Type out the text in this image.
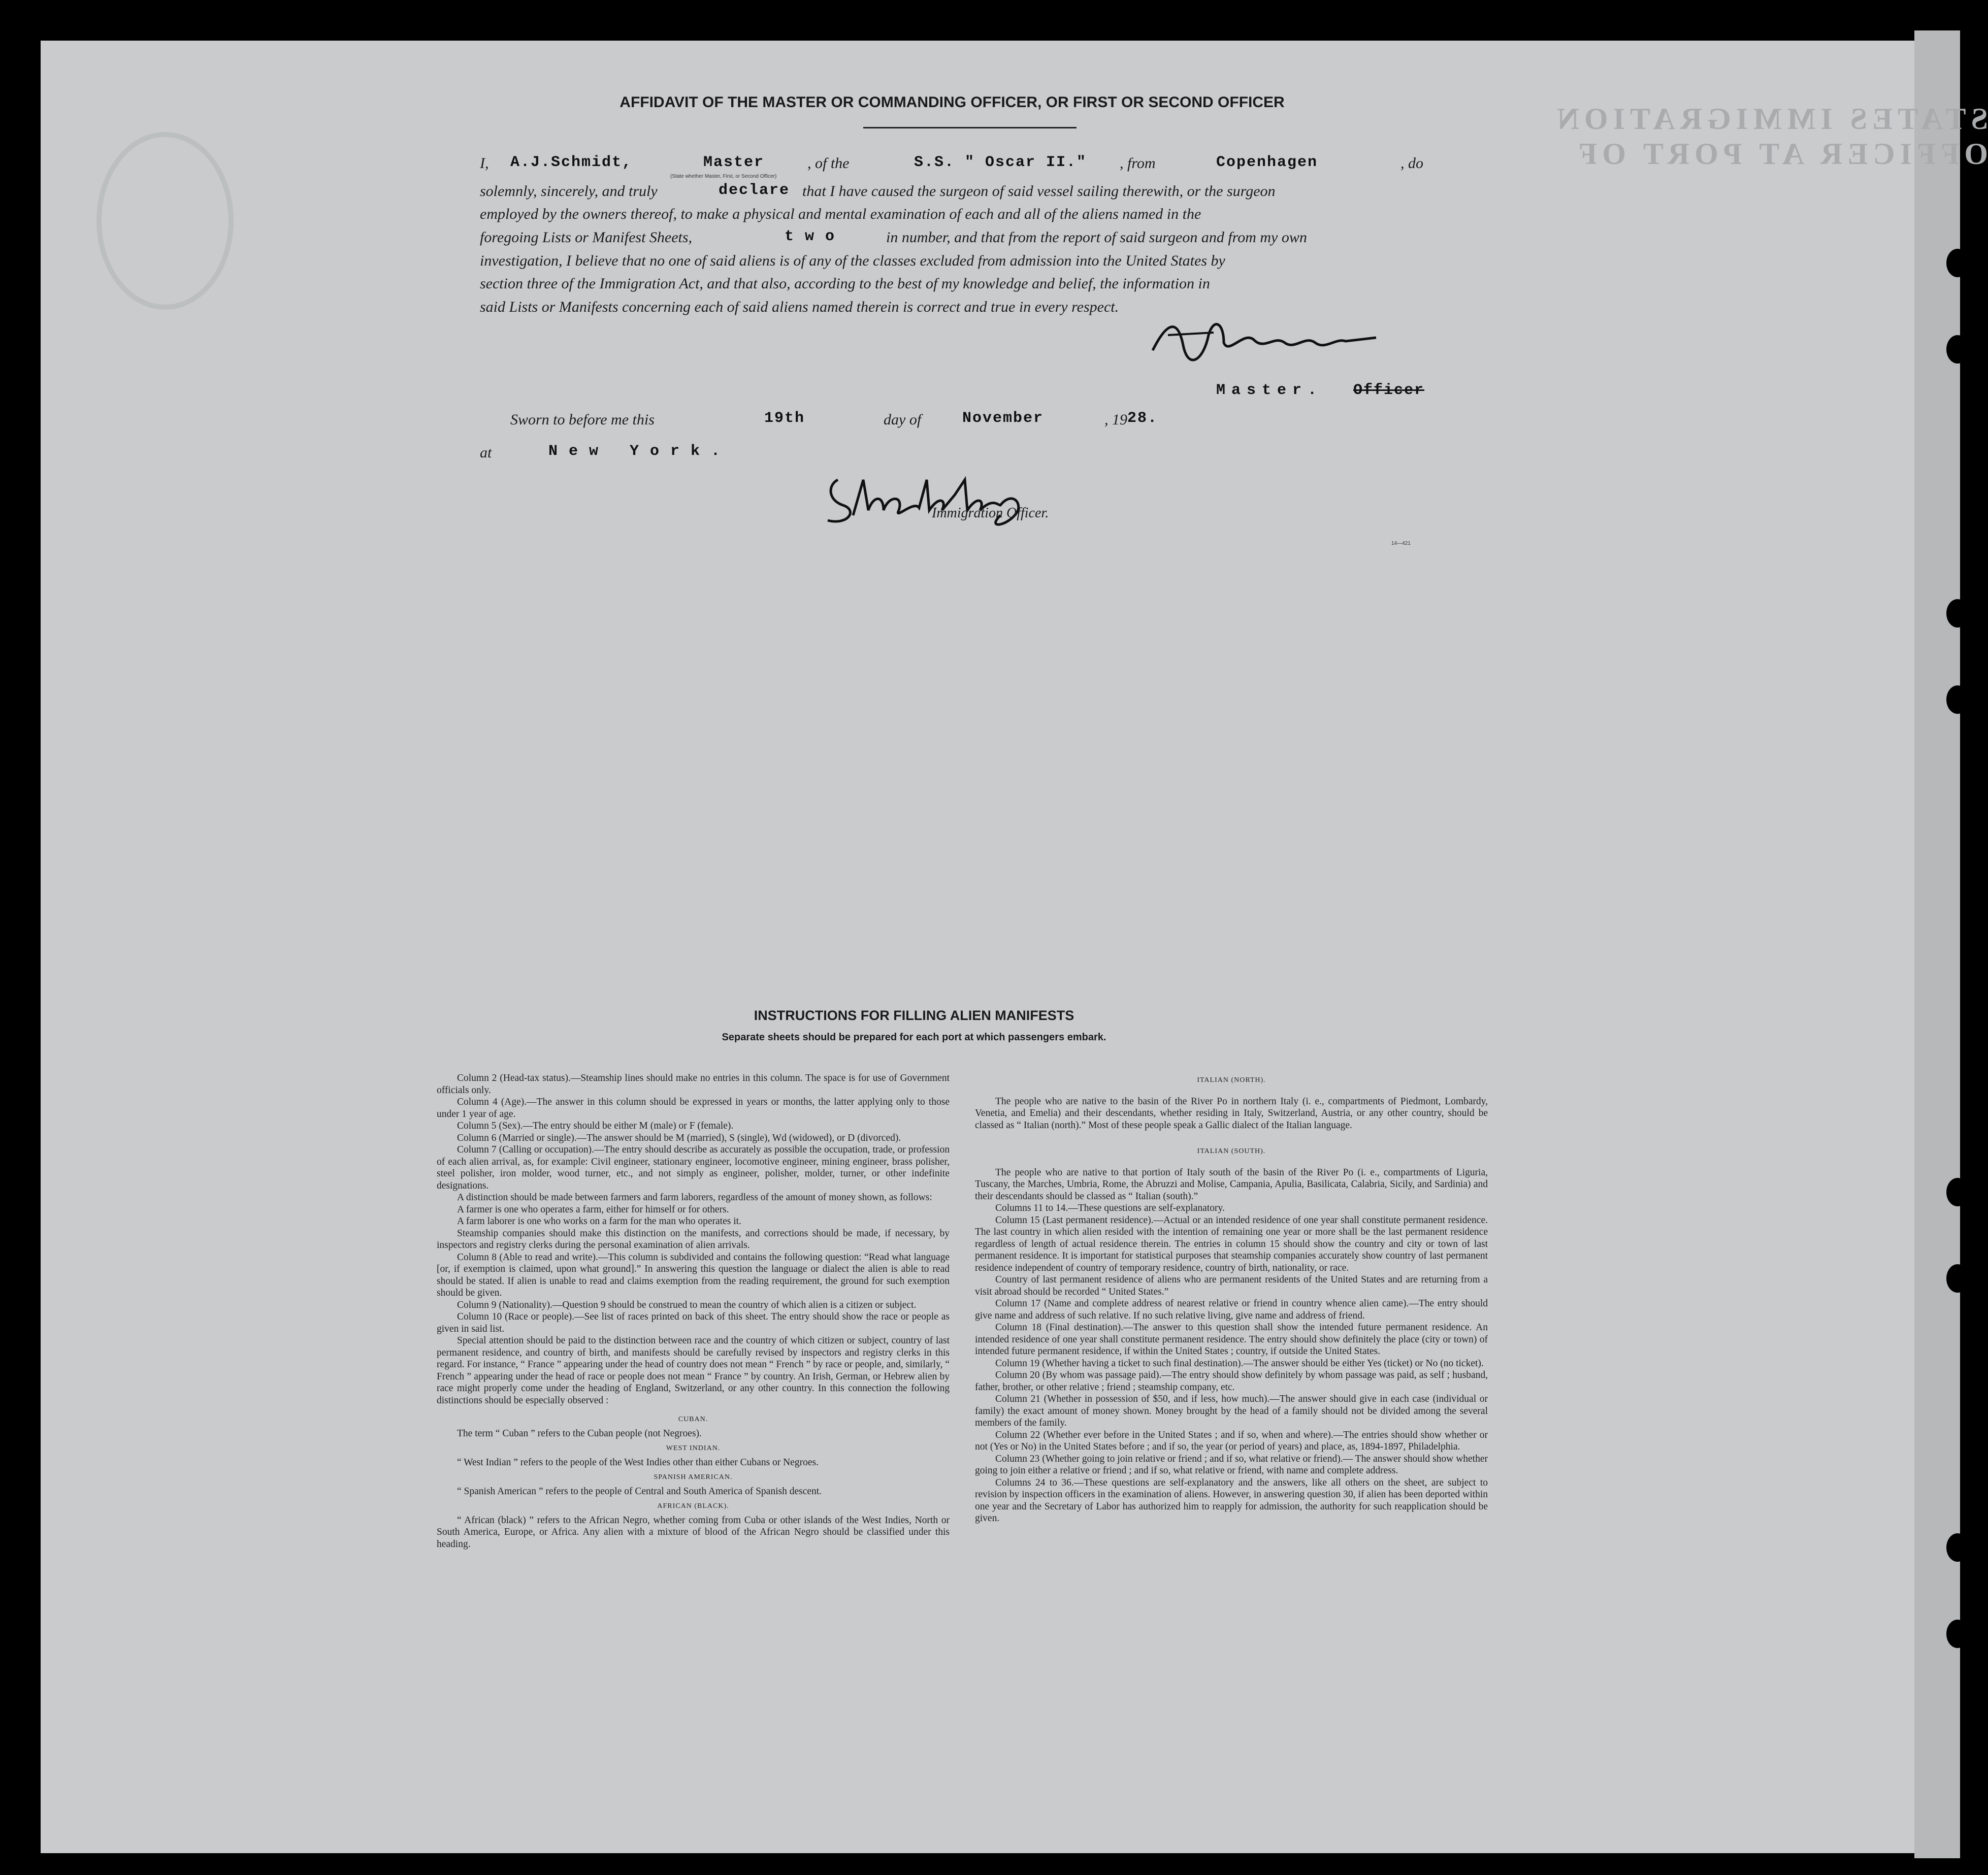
STATES IMMIGRATION OFFICER AT PORT OF
AFFIDAVIT OF THE MASTER OR COMMANDING OFFICER, OR FIRST OR SECOND OFFICER
I,	A.J.Schmidt,	Master	, of the	S.S. " Oscar II." , from	Copenhagen	, do
(State whether Master, First, or Second Officer)
solemnly, sincerely, and truly	declare that I have caused the surgeon of said vessel sailing therewith, or the surgeon
employed by the owners thereof, to make a physical and mental examination of each and all of the aliens named in the
foregoing Lists or Manifest Sheets,	t w o	in number, and that from the report of said surgeon and from my own
investigation, I believe that no one of said aliens is of any of the classes excluded from admission into the United States by
section three of the Immigration Act, and that also, according to the best of my knowledge and belief, the information in
said Lists or Manifests concerning each of said aliens named therein is correct and true in every respect.
Master. Officer
Sworn to before me this	19th	day of	November	, 19 28.
at	N e w   Y o r k .
Immigration Officer.
14—421
INSTRUCTIONS FOR FILLING ALIEN MANIFESTS
Separate sheets should be prepared for each port at which passengers embark.

Column 2 (Head-tax status).—Steamship lines should make no entries in this column. The space is for use of Government officials only.

Column 4 (Age).—The answer in this column should be expressed in years or months, the latter applying only to those under 1 year of age.

Column 5 (Sex).—The entry should be either M (male) or F (female).

Column 6 (Married or single).—The answer should be M (married), S (single), Wd (widowed), or D (divorced).

Column 7 (Calling or occupation).—The entry should describe as accurately as possible the occupation, trade, or profession of each alien arrival, as, for example: Civil engineer, stationary engineer, locomotive engineer, mining engineer, brass polisher, steel polisher, iron molder, wood turner, etc., and not simply as engineer, polisher, molder, turner, or other indefinite designations.

A distinction should be made between farmers and farm laborers, regardless of the amount of money shown, as follows:

A farmer is one who operates a farm, either for himself or for others.

A farm laborer is one who works on a farm for the man who operates it.

Steamship companies should make this distinction on the manifests, and corrections should be made, if necessary, by inspectors and registry clerks during the personal examination of alien arrivals.

Column 8 (Able to read and write).—This column is subdivided and contains the following question: “Read what language [or, if exemption is claimed, upon what ground].” In answering this question the language or dialect the alien is able to read should be stated. If alien is unable to read and claims exemption from the reading requirement, the ground for such exemption should be given.

Column 9 (Nationality).—Question 9 should be construed to mean the country of which alien is a citizen or subject.

Column 10 (Race or people).—See list of races printed on back of this sheet. The entry should show the race or people as given in said list.

Special attention should be paid to the distinction between race and the country of which citizen or subject, country of last permanent residence, and country of birth, and manifests should be carefully revised by inspectors and registry clerks in this regard. For instance, “ France ” appearing under the head of country does not mean “ French ” by race or people, and, similarly, “ French ” appearing under the head of race or people does not mean “ France ” by country. An Irish, German, or Hebrew alien by race might properly come under the heading of England, Switzerland, or any other country. In this connection the following distinctions should be especially observed :

CUBAN.

The term “ Cuban ” refers to the Cuban people (not Negroes).

WEST INDIAN.

“ West Indian ” refers to the people of the West Indies other than either Cubans or Negroes.

SPANISH AMERICAN.

“ Spanish American ” refers to the people of Central and South America of Spanish descent.

AFRICAN (BLACK).

“ African (black) ” refers to the African Negro, whether coming from Cuba or other islands of the West Indies, North or South America, Europe, or Africa. Any alien with a mixture of blood of the African Negro should be classified under this heading.

ITALIAN (NORTH).

The people who are native to the basin of the River Po in northern Italy (i. e., compartments of Piedmont, Lombardy, Venetia, and Emelia) and their descendants, whether residing in Italy, Switzerland, Austria, or any other country, should be classed as “ Italian (north).” Most of these people speak a Gallic dialect of the Italian language.

ITALIAN (SOUTH).

The people who are native to that portion of Italy south of the basin of the River Po (i. e., compartments of Liguria, Tuscany, the Marches, Umbria, Rome, the Abruzzi and Molise, Campania, Apulia, Basilicata, Calabria, Sicily, and Sardinia) and their descendants should be classed as “ Italian (south).”

Columns 11 to 14.—These questions are self-explanatory.

Column 15 (Last permanent residence).—Actual or an intended residence of one year shall constitute permanent residence. The last country in which alien resided with the intention of remaining one year or more shall be the last permanent residence regardless of length of actual residence therein. The entries in column 15 should show the country and city or town of last permanent residence. It is important for statistical purposes that steamship companies accurately show country of last permanent residence independent of country of temporary residence, country of birth, nationality, or race.

Country of last permanent residence of aliens who are permanent residents of the United States and are returning from a visit abroad should be recorded “ United States.”

Column 17 (Name and complete address of nearest relative or friend in country whence alien came).—The entry should give name and address of such relative. If no such relative living, give name and address of friend.

Column 18 (Final destination).—The answer to this question shall show the intended future permanent residence. An intended residence of one year shall constitute permanent residence. The entry should show definitely the place (city or town) of intended future permanent residence, if within the United States ; country, if outside the United States.

Column 19 (Whether having a ticket to such final destination).—The answer should be either Yes (ticket) or No (no ticket).

Column 20 (By whom was passage paid).—The entry should show definitely by whom passage was paid, as self ; husband, father, brother, or other relative ; friend ; steamship company, etc.

Column 21 (Whether in possession of $50, and if less, how much).—The answer should give in each case (individual or family) the exact amount of money shown. Money brought by the head of a family should not be divided among the several members of the family.

Column 22 (Whether ever before in the United States ; and if so, when and where).—The entries should show whether or not (Yes or No) in the United States before ; and if so, the year (or period of years) and place, as, 1894-1897, Philadelphia.

Column 23 (Whether going to join relative or friend ; and if so, what relative or friend).— The answer should show whether going to join either a relative or friend ; and if so, what relative or friend, with name and complete address.

Columns 24 to 36.—These questions are self-explanatory and the answers, like all others on the sheet, are subject to revision by inspection officers in the examination of aliens. However, in answering question 30, if alien has been deported within one year and the Secretary of Labor has authorized him to reapply for admission, the authority for such reapplication should be given.
